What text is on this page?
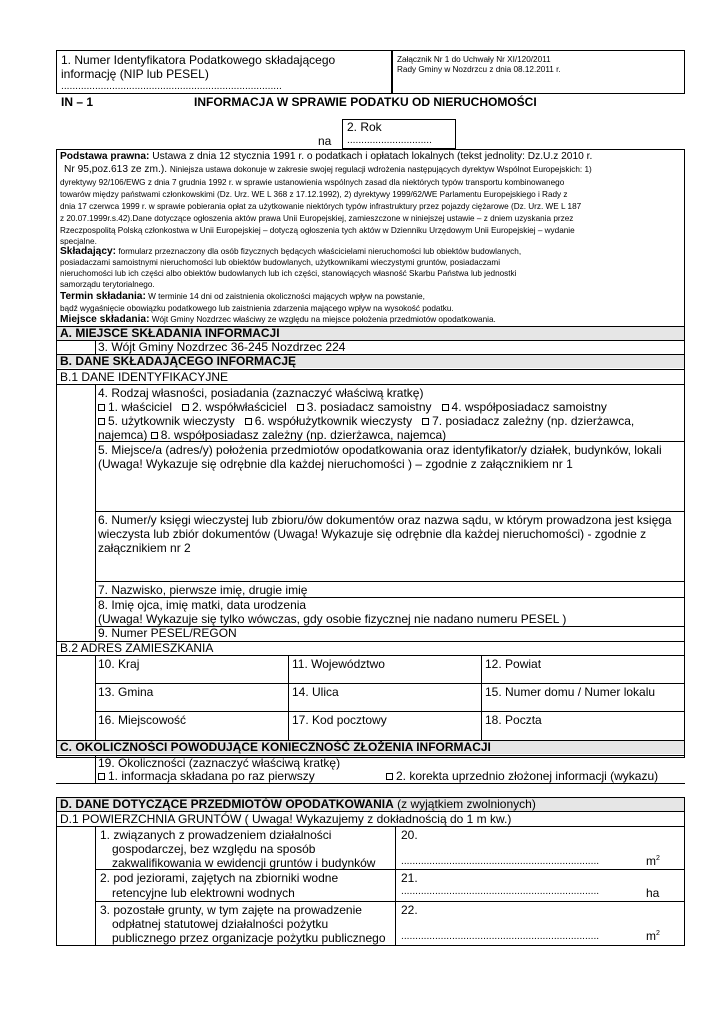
1. Numer Identyfikatora Podatkowego składającego
informację (NIP lub PESEL)
..............................................................................
Załącznik Nr 1 do Uchwały Nr XI/120/2011
Rady Gminy w Nozdrzcu z dnia 08.12.2011 r.
IN – 1	INFORMACJA W SPRAWIE PODATKU OD NIERUCHOMOŚCI
na
2. Rok
..............................
Podstawa prawna: Ustawa z dnia 12 stycznia 1991 r. o podatkach i opłatach lokalnych (tekst jednolity: Dz.U.z 2010 r.
Nr 95,poz.613 ze zm.). Niniejsza ustawa dokonuje w zakresie swojej regulacji wdrożenia następujących dyrektyw Wspólnot Europejskich: 1)
dyrektywy 92/106/EWG z dnia 7 grudnia 1992 r. w sprawie ustanowienia wspólnych zasad dla niektórych typów transportu kombinowanego
towarów między państwami członkowskimi (Dz. Urz. WE L 368 z 17.12.1992), 2) dyrektywy 1999/62/WE Parlamentu Europejskiego i Rady z
dnia 17 czerwca 1999 r. w sprawie pobierania opłat za użytkowanie niektórych typów infrastruktury przez pojazdy ciężarowe (Dz. Urz. WE L 187
z 20.07.1999r.s.42).Dane dotyczące ogłoszenia aktów prawa Unii Europejskiej, zamieszczone w niniejszej ustawie – z dniem uzyskania przez
Rzeczpospolitą Polską członkostwa w Unii Europejskiej – dotyczą ogłoszenia tych aktów w Dzienniku Urzędowym Unii Europejskiej – wydanie
specjalne.
Składający: formularz przeznaczony dla osób fizycznych będących właścicielami nieruchomości lub obiektów budowlanych,
posiadaczami samoistnymi nieruchomości lub obiektów budowlanych, użytkownikami wieczystymi gruntów, posiadaczami
nieruchomości lub ich części albo obiektów budowlanych lub ich części, stanowiących własność Skarbu Państwa lub jednostki
samorządu terytorialnego.
Termin składania: W terminie 14 dni od zaistnienia okoliczności mających wpływ na powstanie,
bądź wygaśnięcie obowiązku podatkowego lub zaistnienia zdarzenia mającego wpływ na wysokość podatku.
Miejsce składania: Wójt Gminy Nozdrzec właściwy ze względu na miejsce położenia przedmiotów opodatkowania.
A. MIEJSCE SKŁADANIA INFORMACJI
3. Wójt Gminy Nozdrzec 36-245 Nozdrzec 224
B. DANE SKŁADAJĄCEGO INFORMACJĘ
B.1 DANE IDENTYFIKACYJNE
4. Rodzaj własności, posiadania (zaznaczyć właściwą kratkę)
1. właściciel 2. współwłaściciel 3. posiadacz samoistny 4. współposiadacz samoistny
5. użytkownik wieczysty 6. współużytkownik wieczysty 7. posiadacz zależny (np. dzierżawca,
najemca) 8. współposiadasz zależny (np. dzierżawca, najemca)
5. Miejsce/a (adres/y) położenia przedmiotów opodatkowania oraz identyfikator/y działek, budynków, lokali
(Uwaga! Wykazuje się odrębnie dla każdej nieruchomości ) – zgodnie z załącznikiem nr 1
6. Numer/y księgi wieczystej lub zbioru/ów dokumentów oraz nazwa sądu, w którym prowadzona jest księga
wieczysta lub zbiór dokumentów (Uwaga! Wykazuje się odrębnie dla każdej nieruchomości) - zgodnie z
załącznikiem nr 2
7. Nazwisko, pierwsze imię, drugie imię
8. Imię ojca, imię matki, data urodzenia
(Uwaga! Wykazuje się tylko wówczas, gdy osobie fizycznej nie nadano numeru PESEL )
9. Numer PESEL/REGON
B.2 ADRES ZAMIESZKANIA
10. Kraj	11. Województwo	12. Powiat
13. Gmina	14. Ulica	15. Numer domu / Numer lokalu
16. Miejscowość	17. Kod pocztowy	18. Poczta
C. OKOLICZNOŚCI POWODUJĄCE KONIECZNOŚĆ ZŁOŻENIA INFORMACJI
19. Okoliczności (zaznaczyć właściwą kratkę)
1. informacja składana po raz pierwszy	2. korekta uprzednio złożonej informacji (wykazu)
D. DANE DOTYCZĄCE PRZEDMIOTÓW OPODATKOWANIA (z wyjątkiem zwolnionych)
D.1 POWIERZCHNIA GRUNTÓW ( Uwaga! Wykazujemy z dokładnością do 1 m kw.)
1. związanych z prowadzeniem działalności
gospodarczej, bez względu na sposób
zakwalifikowania w ewidencji gruntów i budynków
20.
......................................................................	$m^2$
2. pod jeziorami, zajętych na zbiorniki wodne
retencyjne lub elektrowni wodnych
21.
......................................................................	ha
3. pozostałe grunty, w tym zajęte na prowadzenie
odpłatnej statutowej działalności pożytku
publicznego przez organizacje pożytku publicznego
22.
......................................................................	$m^2$
